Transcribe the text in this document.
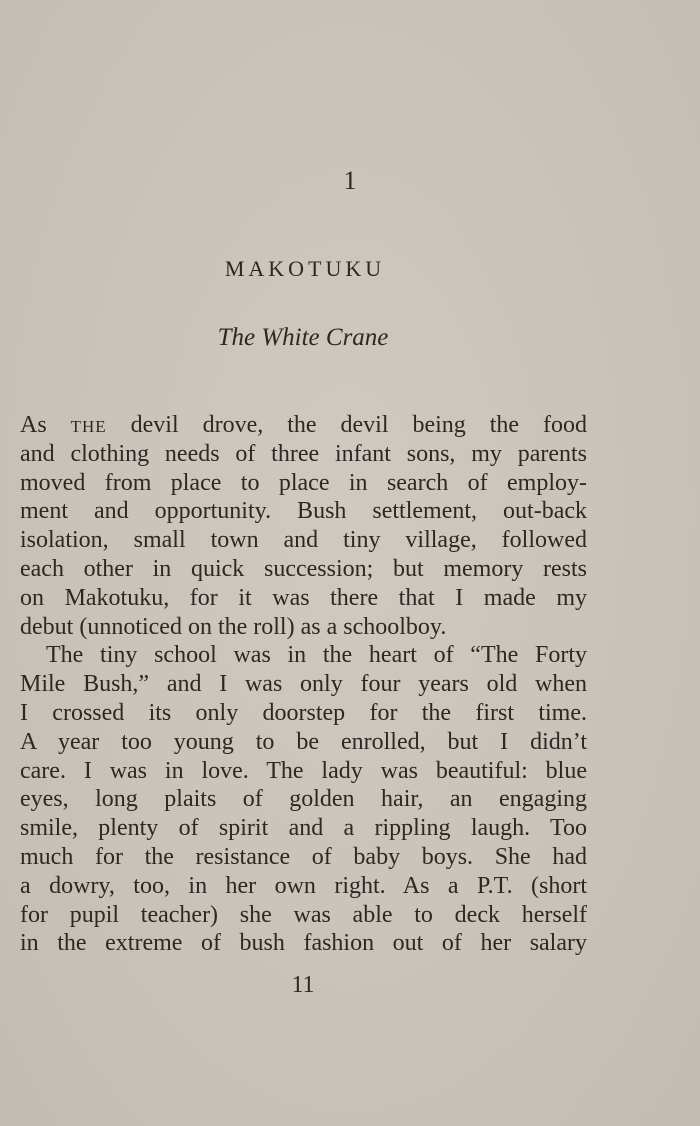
1
MAKOTUKU
The White Crane
As the devil drove, the devil being the food
and clothing needs of three infant sons, my parents
moved from place to place in search of employ-
ment and opportunity. Bush settlement, out-back
isolation, small town and tiny village, followed
each other in quick succession; but memory rests
on Makotuku, for it was there that I made my
debut (unnoticed on the roll) as a schoolboy.
The tiny school was in the heart of “The Forty
Mile Bush,” and I was only four years old when
I crossed its only doorstep for the first time.
A year too young to be enrolled, but I didn’t
care. I was in love. The lady was beautiful: blue
eyes, long plaits of golden hair, an engaging
smile, plenty of spirit and a rippling laugh. Too
much for the resistance of baby boys. She had
a dowry, too, in her own right. As a P.T. (short
for pupil teacher) she was able to deck herself
in the extreme of bush fashion out of her salary
11
